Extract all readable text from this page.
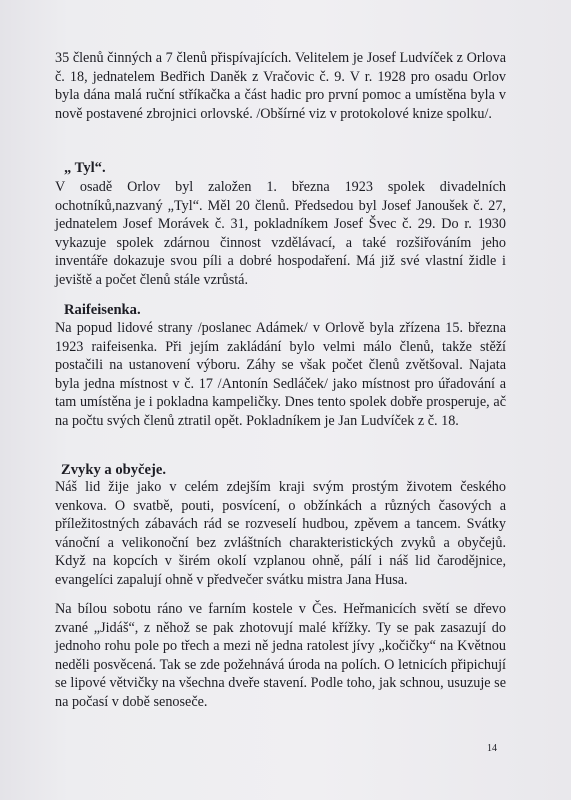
35 členů činných a 7 členů přispívajících. Velitelem je Josef Ludvíček z Orlova č. 18, jednatelem Bedřich Daněk z Vračovic č. 9. V r. 1928 pro osadu Orlov byla dána malá ruční stříkačka a část hadic pro první pomoc a umístěna byla v nově postavené zbrojnici orlovské. /Obšírné viz v protokolové knize spolku/.

„ Tyl“.

V osadě Orlov byl založen 1. března 1923 spolek divadelních ochotníků,nazvaný „Tyl“. Měl 20 členů. Předsedou byl Josef Janoušek č. 27, jednatelem Josef Morávek č. 31, pokladníkem Josef Švec č. 29. Do r. 1930 vykazuje spolek zdárnou činnost vzdělávací, a také rozšiřováním jeho inventáře dokazuje svou píli a dobré hospodaření. Má již své vlastní židle i jeviště a počet členů stále vzrůstá.

Raifeisenka.

Na popud lidové strany /poslanec Adámek/ v Orlově byla zřízena 15. března 1923 raifeisenka. Při jejím zakládání bylo velmi málo členů, takže stěží postačili na ustanovení výboru. Záhy se však počet členů zvětšoval. Najata byla jedna místnost v č. 17 /Antonín Sedláček/ jako místnost pro úřadování a tam umístěna je i pokladna kampeličky. Dnes tento spolek dobře prosperuje, ač na počtu svých členů ztratil opět. Pokladníkem je Jan Ludvíček z č. 18.

Zvyky a obyčeje.

Náš lid žije jako v celém zdejším kraji svým prostým životem českého venkova. O svatbě, pouti, posvícení, o obžínkách a různých časových a příležitostných zábavách rád se rozveselí hudbou, zpěvem a tancem. Svátky vánoční a velikonoční bez zvláštních charakteristických zvyků a obyčejů. Když na kopcích v širém okolí vzplanou ohně, pálí i náš lid čarodějnice, evangelíci zapalují ohně v předvečer svátku mistra Jana Husa.

Na bílou sobotu ráno ve farním kostele v Čes. Heřmanicích světí se dřevo zvané „Jidáš“, z něhož se pak zhotovují malé křížky. Ty se pak zasazují do jednoho rohu pole po třech a mezi ně jedna ratolest jívy „kočičky“ na Květnou neděli posvěcená. Tak se zde požehnává úroda na polích. O letnicích připichují se lipové větvičky na všechna dveře stavení. Podle toho, jak schnou, usuzuje se na počasí v době senoseče.

14
